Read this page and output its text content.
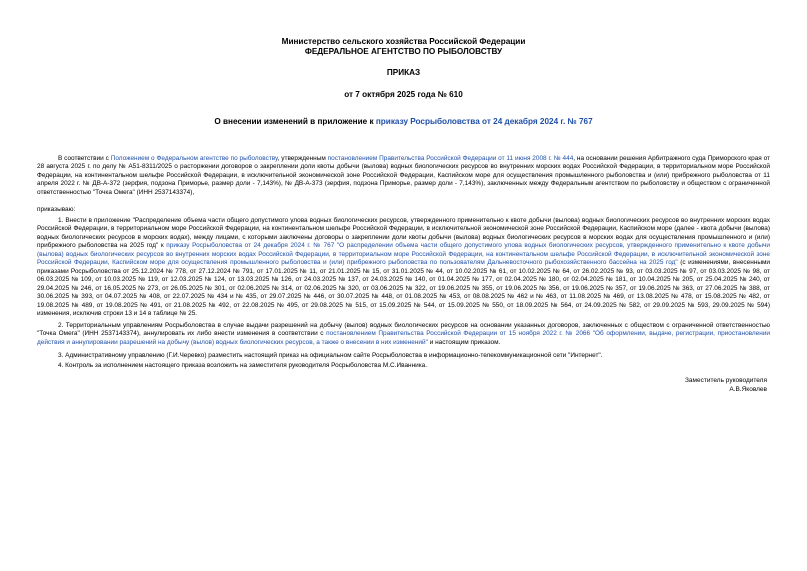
Министерство сельского хозяйства Российской Федерации
ФЕДЕРАЛЬНОЕ АГЕНТСТВО ПО РЫБОЛОВСТВУ
ПРИКАЗ
от 7 октября 2025 года № 610
О внесении изменений в приложение к приказу Росрыболовства от 24 декабря 2024 г. № 767

В соответствии с Положением о Федеральном агентстве по рыболовству, утвержденным постановлением Правительства Российской Федерации от 11 июня 2008 г. № 444, на основании решения Арбитражного суда Приморского края от 28 августа 2025 г. по делу № А51-8311/2025 о расторжении договоров о закреплении доли квоты добычи (вылова) водных биологических ресурсов во внутренних морских водах Российской Федерации, в территориальном море Российской Федерации, на континентальном шельфе Российской Федерации, в исключительной экономической зоне Российской Федерации, Каспийском море для осуществления промышленного рыболовства и (или) прибрежного рыболовства от 11 апреля 2022 г. № ДВ-А-372 (зерфия, подзона Приморье, размер доли - 7,143%), № ДВ-А-373 (зерфия, подзона Приморье, размер доли - 7,143%), заключенных между Федеральным агентством по рыболовству и обществом с ограниченной ответственностью "Точка Омега" (ИНН 2537143374),

приказываю:

1. Внести в приложение "Распределение объема части общего допустимого улова водных биологических ресурсов, утвержденного применительно к квоте добычи (вылова) водных биологических ресурсов во внутренних морских водах Российской Федерации, в территориальном море Российской Федерации, на континентальном шельфе Российской Федерации, в исключительной экономической зоне Российской Федерации, Каспийском море (далее - квота добычи (вылова) водных биологических ресурсов в морских водах), между лицами, с которыми заключены договоры о закреплении доли квоты добычи (вылова) водных биологических ресурсов в морских водах для осуществления промышленного и (или) прибрежного рыболовства на 2025 год" к приказу Росрыболовства от 24 декабря 2024 г. № 767 "О распределении объема части общего допустимого улова водных биологических ресурсов, утвержденного применительно к квоте добычи (вылова) водных биологических ресурсов во внутренних морских водах Российской Федерации, в территориальном море Российской Федерации, на континентальном шельфе Российской Федерации, в исключительной экономической зоне Российской Федерации, Каспийском море для осуществления промышленного рыболовства и (или) прибрежного рыболовства по пользователям Дальневосточного рыбохозяйственного бассейна на 2025 год" (с изменениями, внесенными приказами Росрыболовства от 25.12.2024 № 778, от 27.12.2024 № 791, от 17.01.2025 № 11, от 21.01.2025 № 15, от 31.01.2025 № 44, от 10.02.2025 № 61, от 10.02.2025 № 64, от 26.02.2025 № 93, от 03.03.2025 № 97, от 03.03.2025 № 98, от 06.03.2025 № 109, от 10.03.2025 № 119, от 12.03.2025 № 124, от 13.03.2025 № 126, от 24.03.2025 № 137, от 24.03.2025 № 140, от 01.04.2025 № 177, от 02.04.2025 № 180, от 02.04.2025 № 181, от 10.04.2025 № 205, от 25.04.2025 № 240, от 29.04.2025 № 246, от 16.05.2025 № 273, от 26.05.2025 № 301, от 02.06.2025 № 314, от 02.06.2025 № 320, от 03.06.2025 № 322, от 19.06.2025 № 355, от 19.06.2025 № 356, от 19.06.2025 № 357, от 19.06.2025 № 363, от 27.06.2025 № 388, от 30.06.2025 № 393, от 04.07.2025 № 408, от 22.07.2025 № 434 и № 435, от 29.07.2025 № 446, от 30.07.2025 № 448, от 01.08.2025 № 453, от 08.08.2025 № 462 и № 463, от 11.08.2025 № 469, от 13.08.2025 № 478, от 15.08.2025 № 482, от 19.08.2025 № 489, от 19.08.2025 № 491, от 21.08.2025 № 492, от 22.08.2025 № 495, от 29.08.2025 № 515, от 15.09.2025 № 544, от 15.09.2025 № 550, от 18.09.2025 № 564, от 24.09.2025 № 582, от 29.09.2025 № 593, 29.09.2025 № 594) изменения, исключив строки 13 и 14 в таблице № 25.

2. Территориальным управлениям Росрыболовства в случае выдачи разрешений на добычу (вылов) водных биологических ресурсов на основании указанных договоров, заключенных с обществом с ограниченной ответственностью "Точка Омега" (ИНН 2537143374), аннулировать их либо внести изменения в соответствии с постановлением Правительства Российской Федерации от 15 ноября 2022 г. № 2066 "Об оформлении, выдаче, регистрации, приостановлении действия и аннулировании разрешений на добычу (вылов) водных биологических ресурсов, а также о внесении в них изменений" и настоящим приказом.

3. Административному управлению (Г.И.Черевко) разместить настоящий приказ на официальном сайте Росрыболовства в информационно-телекоммуникационной сети "Интернет".

4. Контроль за исполнением настоящего приказа возложить на заместителя руководителя Росрыболовства М.С.Иванника.

Заместитель руководителя
А.В.Яковлев
